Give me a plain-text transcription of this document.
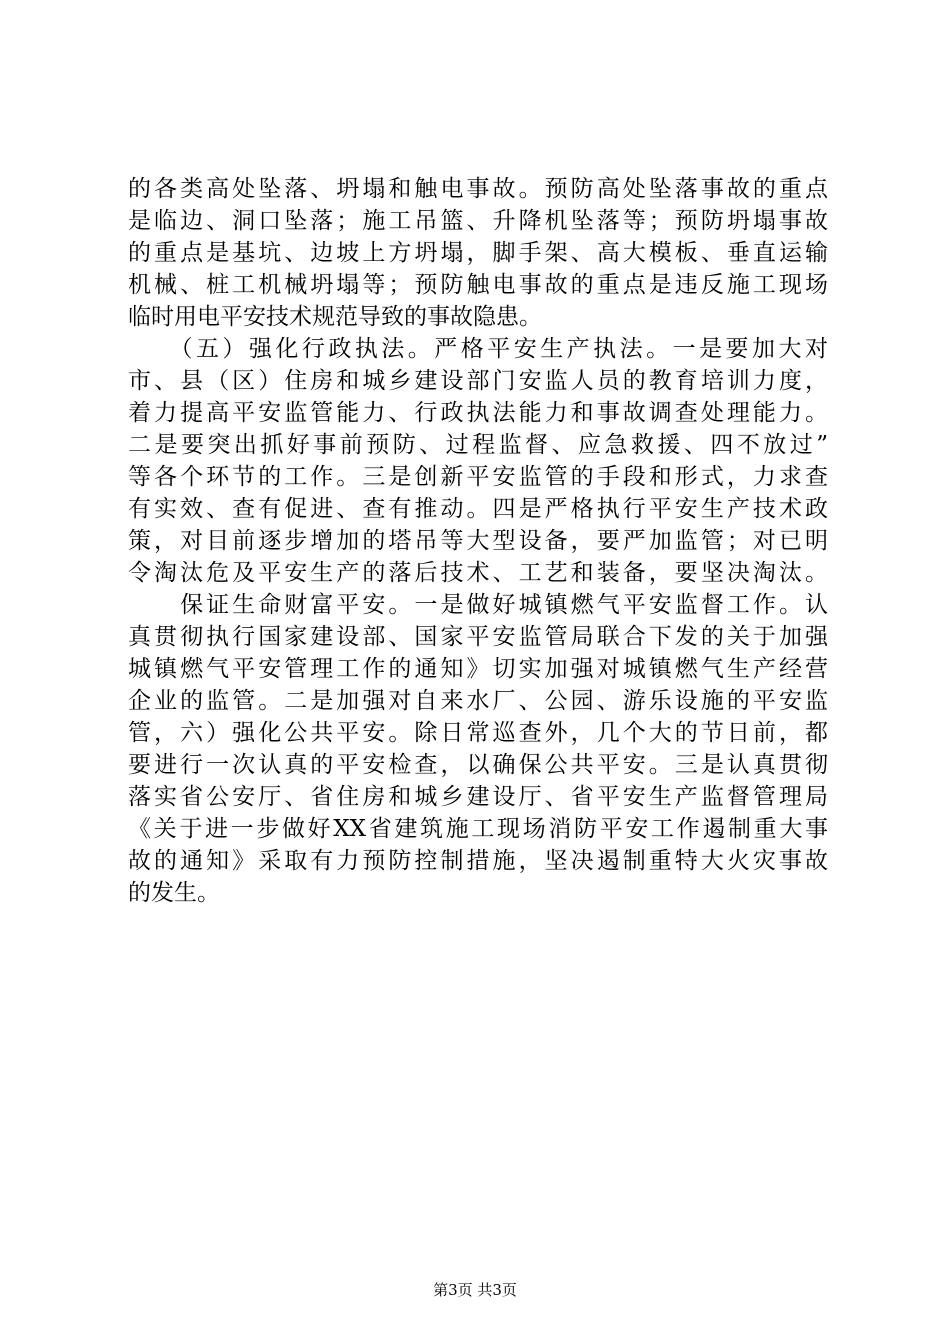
的各类高处坠落、坍塌和触电事故。预防高处坠落事故的重点
是临边、洞口坠落；施工吊篮、升降机坠落等；预防坍塌事故
的重点是基坑、边坡上方坍塌，脚手架、高大模板、垂直运输
机械、桩工机械坍塌等；预防触电事故的重点是违反施工现场
临时用电平安技术规范导致的事故隐患。
　　（五）强化行政执法。严格平安生产执法。一是要加大对
市、县（区）住房和城乡建设部门安监人员的教育培训力度，
着力提高平安监管能力、行政执法能力和事故调查处理能力。
二是要突出抓好事前预防、过程监督、应急救援、四不放过”
等各个环节的工作。三是创新平安监管的手段和形式，力求查
有实效、查有促进、查有推动。四是严格执行平安生产技术政
策，对目前逐步增加的塔吊等大型设备，要严加监管；对已明
令淘汰危及平安生产的落后技术、工艺和装备，要坚决淘汰。
　　保证生命财富平安。一是做好城镇燃气平安监督工作。认
真贯彻执行国家建设部、国家平安监管局联合下发的关于加强
城镇燃气平安管理工作的通知》切实加强对城镇燃气生产经营
企业的监管。二是加强对自来水厂、公园、游乐设施的平安监
管，六）强化公共平安。除日常巡查外，几个大的节日前，都
要进行一次认真的平安检查，以确保公共平安。三是认真贯彻
落实省公安厅、省住房和城乡建设厅、省平安生产监督管理局
《关于进一步做好XX省建筑施工现场消防平安工作遏制重大事
故的通知》采取有力预防控制措施，坚决遏制重特大火灾事故
的发生。
第3页 共3页
